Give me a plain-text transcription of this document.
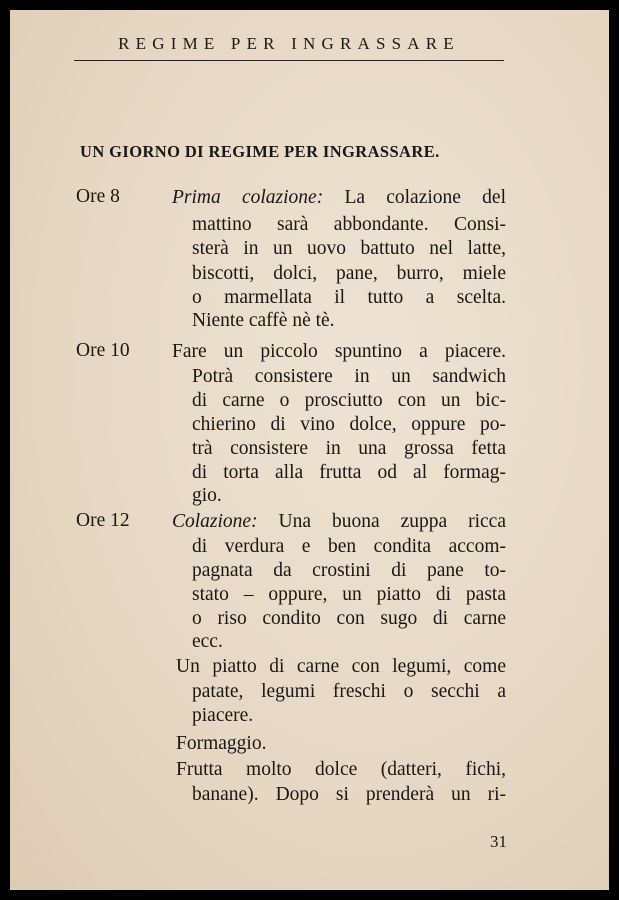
REGIME PER INGRASSARE
UN GIORNO DI REGIME PER INGRASSARE.
Ore 8	Prima colazione: La colazione del
mattino sarà abbondante. Consi-
sterà in un uovo battuto nel latte,
biscotti, dolci, pane, burro, miele
o marmellata il tutto a scelta.
Niente caffè nè tè.
Ore 10 Fare un piccolo spuntino a piacere.
Potrà consistere in un sandwich
di carne o prosciutto con un bic-
chierino di vino dolce, oppure po-
trà consistere in una grossa fetta
di torta alla frutta od al formag-
gio.
Ore 12 Colazione: Una buona zuppa ricca
di verdura e ben condita accom-
pagnata da crostini di pane to-
stato – oppure, un piatto di pasta
o riso condito con sugo di carne
ecc.
Un piatto di carne con legumi, come
patate, legumi freschi o secchi a
piacere.
Formaggio.
Frutta molto dolce (datteri, fichi,
banane). Dopo si prenderà un ri-
31
